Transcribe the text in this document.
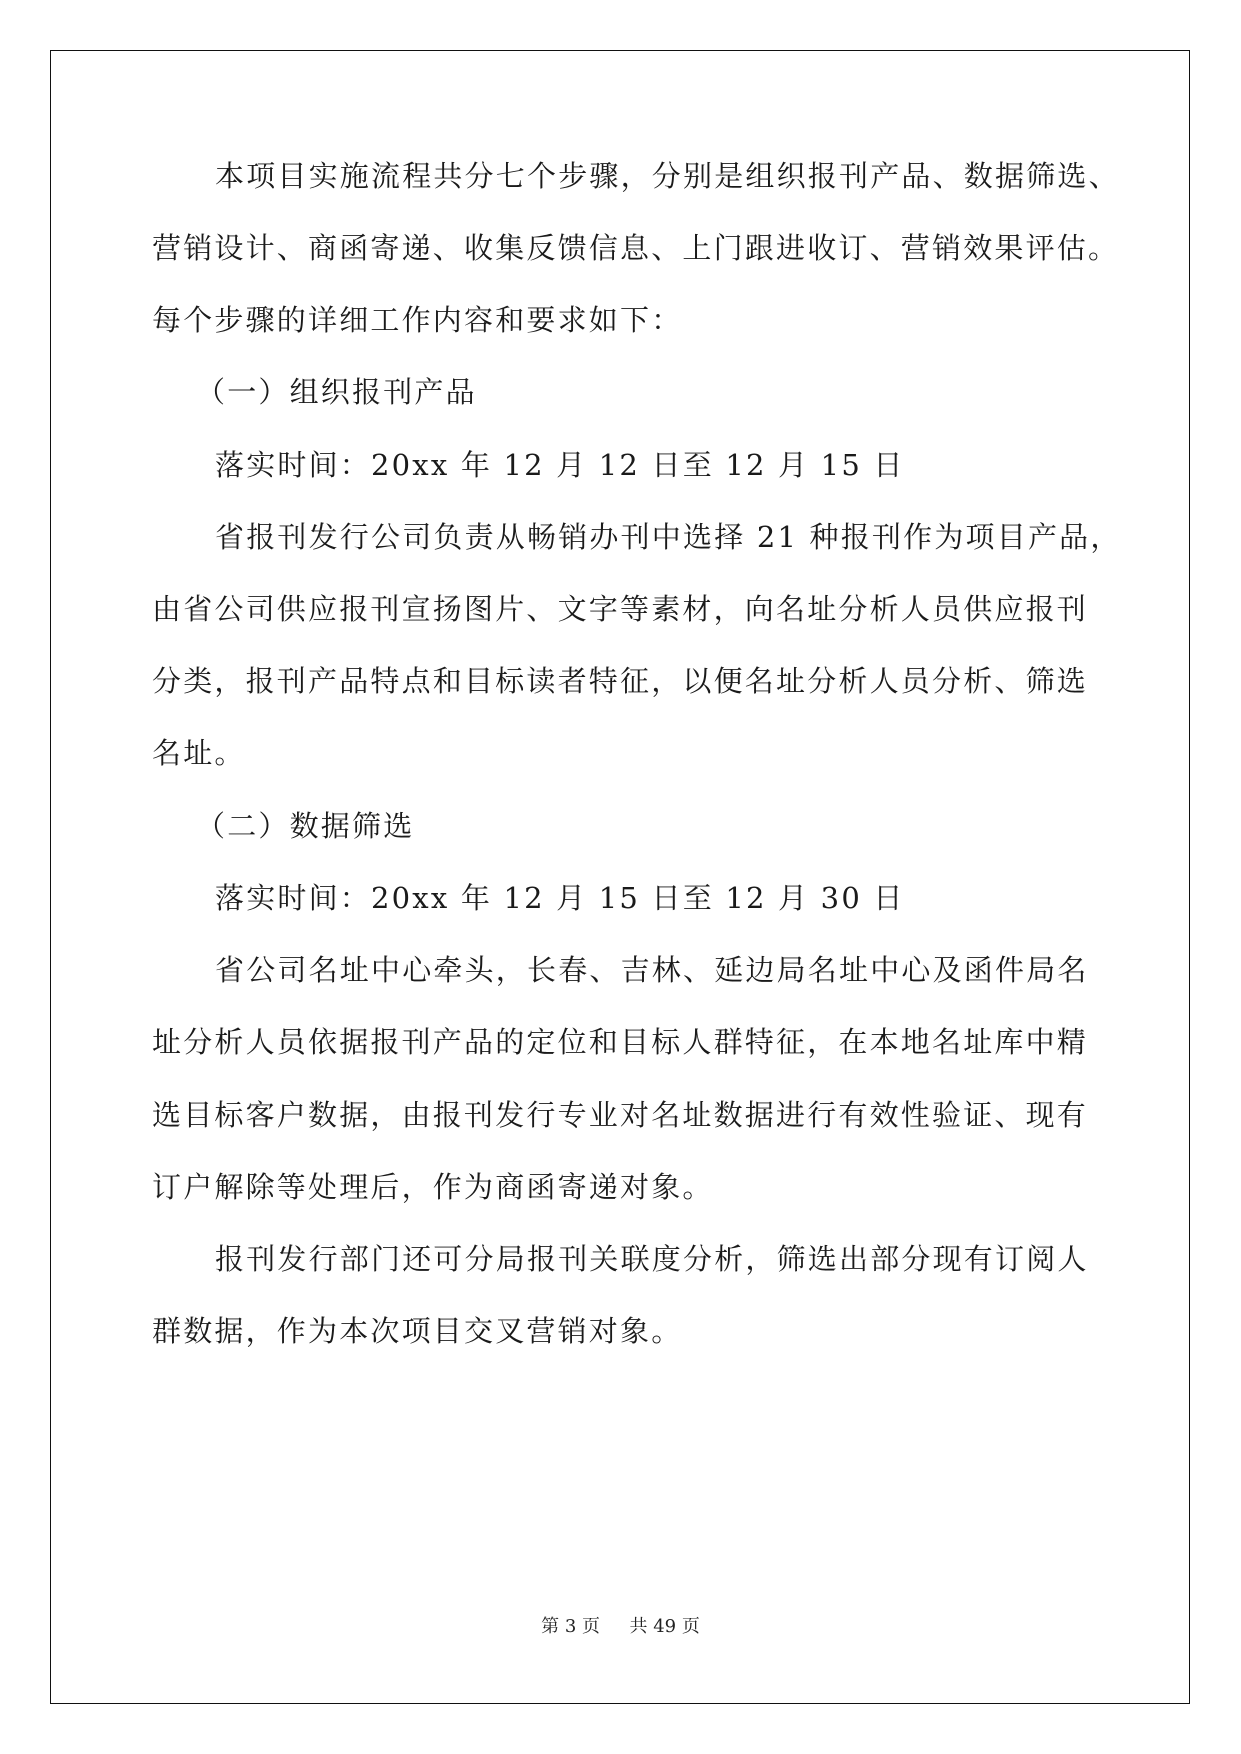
本项目实施流程共分七个步骤，分别是组织报刊产品、数据筛选、
营销设计、商函寄递、收集反馈信息、上门跟进收订、营销效果评估。
每个步骤的详细工作内容和要求如下：
（一）组织报刊产品
落实时间：20xx 年 12 月 12 日至 12 月 15 日
省报刊发行公司负责从畅销办刊中选择 21 种报刊作为项目产品，
由省公司供应报刊宣扬图片、文字等素材，向名址分析人员供应报刊
分类，报刊产品特点和目标读者特征，以便名址分析人员分析、筛选
名址。
（二）数据筛选
落实时间：20xx 年 12 月 15 日至 12 月 30 日
省公司名址中心牵头，长春、吉林、延边局名址中心及函件局名
址分析人员依据报刊产品的定位和目标人群特征，在本地名址库中精
选目标客户数据，由报刊发行专业对名址数据进行有效性验证、现有
订户解除等处理后，作为商函寄递对象。
报刊发行部门还可分局报刊关联度分析，筛选出部分现有订阅人
群数据，作为本次项目交叉营销对象。
第 3 页 共 49 页
